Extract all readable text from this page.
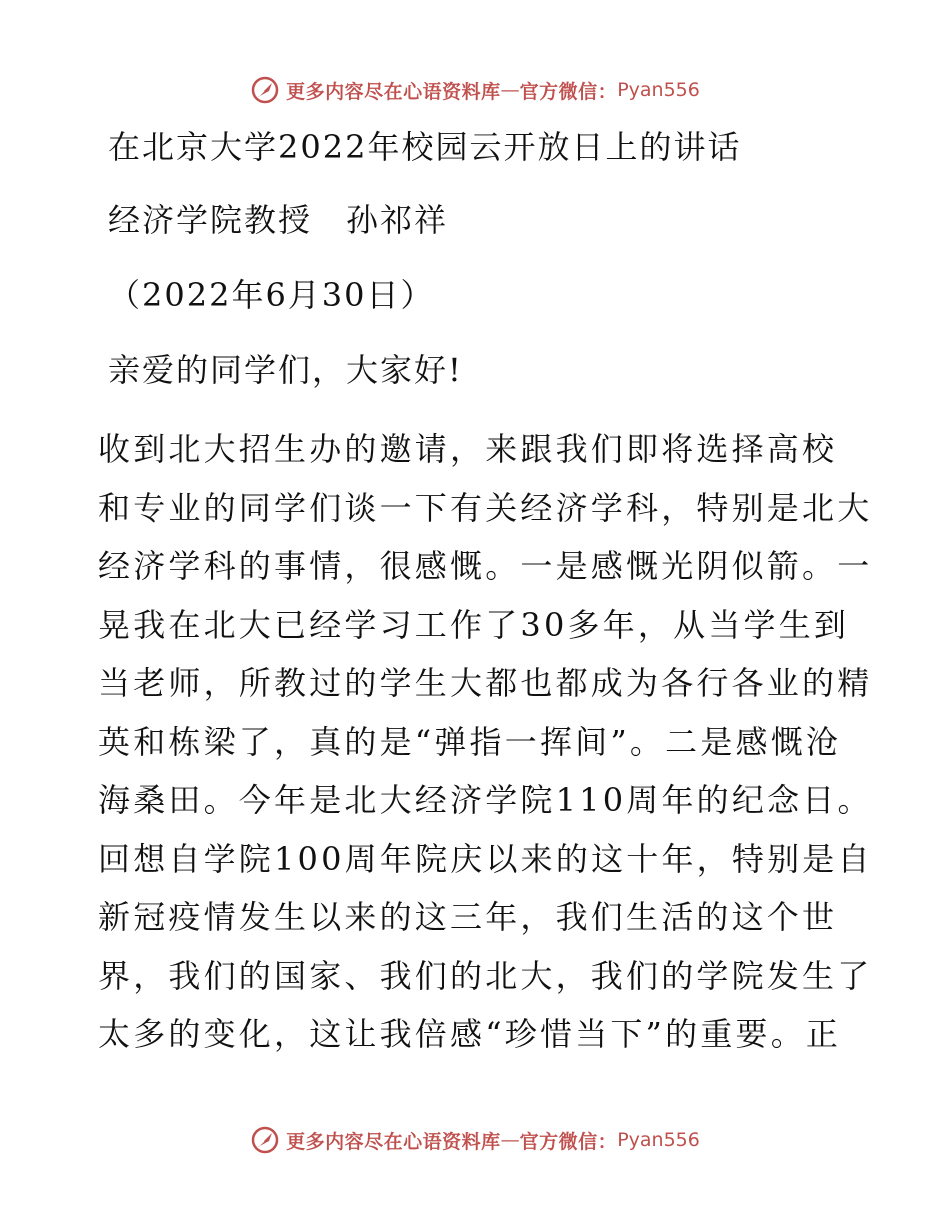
更多内容尽在心语资料库 — 官方微信： Pyan556
在北京大学2022年校园云开放日上的讲话
经济学院教授　孙祁祥
（2022年6月30日）
亲爱的同学们，大家好!
收到北大招生办的邀请，来跟我们即将选择高校
和专业的同学们谈一下有关经济学科，特别是北大
经济学科的事情，很感慨。一是感慨光阴似箭。一
晃我在北大已经学习工作了30多年，从当学生到
当老师，所教过的学生大都也都成为各行各业的精
英和栋梁了，真的是“弹指一挥间”。二是感慨沧
海桑田。今年是北大经济学院110周年的纪念日。
回想自学院100周年院庆以来的这十年，特别是自
新冠疫情发生以来的这三年，我们生活的这个世
界，我们的国家、我们的北大，我们的学院发生了
太多的变化，这让我倍感“珍惜当下”的重要。正
更多内容尽在心语资料库 — 官方微信： Pyan556
